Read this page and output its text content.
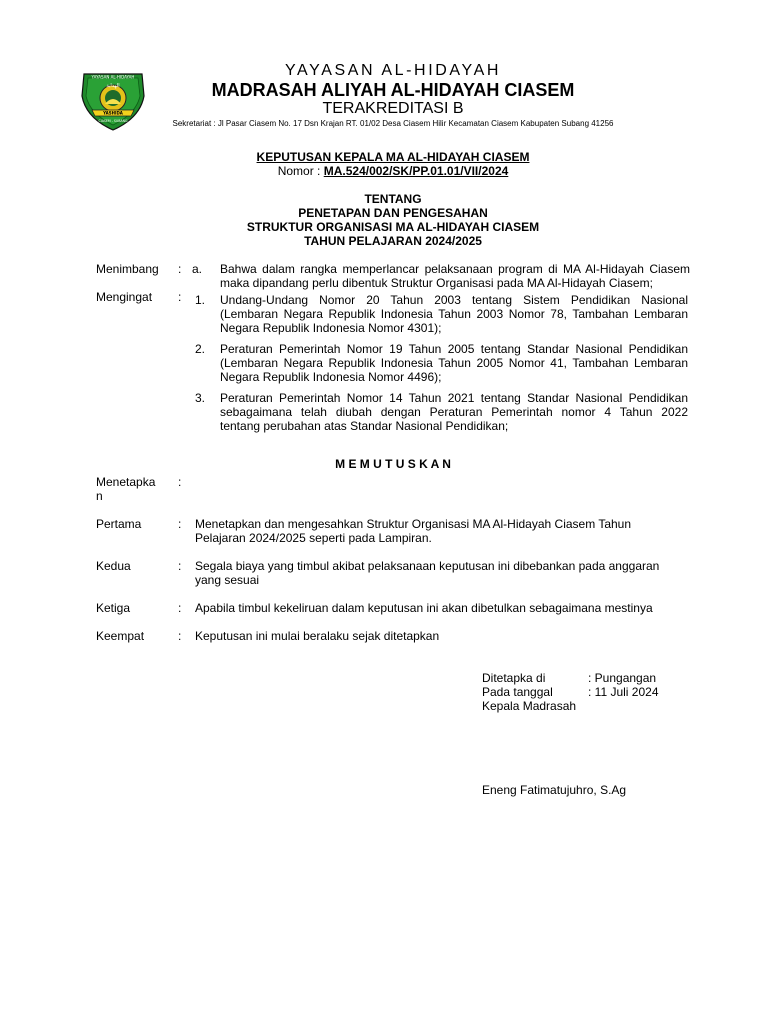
YAYASAN AL-HIDAYAH
الهداية
YASHIDA
CIASEM - SUBANG
YAYASAN AL-HIDAYAH
MADRASAH ALIYAH AL-HIDAYAH CIASEM
TERAKREDITASI B
Sekretariat : Jl Pasar Ciasem No. 17 Dsn Krajan RT. 01/02 Desa Ciasem Hilir Kecamatan Ciasem Kabupaten Subang 41256
KEPUTUSAN KEPALA MA AL-HIDAYAH CIASEM
Nomor : MA.524/002/SK/PP.01.01/VII/2024
TENTANG
PENETAPAN DAN PENGESAHAN
STRUKTUR ORGANISASI MA AL-HIDAYAH CIASEM
TAHUN PELAJARAN 2024/2025
Menimbang : a. Bahwa dalam rangka memperlancar pelaksanaan program di MA Al-Hidayah Ciasem
maka dipandang perlu dibentuk Struktur Organisasi pada MA Al-Hidayah Ciasem;
Mengingat : 1. Undang-Undang Nomor 20 Tahun 2003 tentang Sistem Pendidikan Nasional
(Lembaran Negara Republik Indonesia Tahun 2003 Nomor 78, Tambahan Lembaran
Negara Republik Indonesia Nomor 4301);
2. Peraturan Pemerintah Nomor 19 Tahun 2005 tentang Standar Nasional Pendidikan
(Lembaran Negara Republik Indonesia Tahun 2005 Nomor 41, Tambahan Lembaran
Negara Republik Indonesia Nomor 4496);
3. Peraturan Pemerintah Nomor 14 Tahun 2021 tentang Standar Nasional Pendidikan
sebagaimana telah diubah dengan Peraturan Pemerintah nomor 4 Tahun 2022
tentang perubahan atas Standar Nasional Pendidikan;
M E M U T U S K A N
Menetapka
n
:
Pertama	: Menetapkan dan mengesahkan Struktur Organisasi MA Al-Hidayah Ciasem Tahun
Pelajaran 2024/2025 seperti pada Lampiran.
Kedua	: Segala biaya yang timbul akibat pelaksanaan keputusan ini dibebankan pada anggaran
yang sesuai
Ketiga	: Apabila timbul kekeliruan dalam keputusan ini akan dibetulkan sebagaimana mestinya
Keempat	: Keputusan ini mulai beralaku sejak ditetapkan
Ditetapka di	: Pungangan
Pada tanggal	: 11 Juli 2024
Kepala Madrasah
Eneng Fatimatujuhro, S.Ag
